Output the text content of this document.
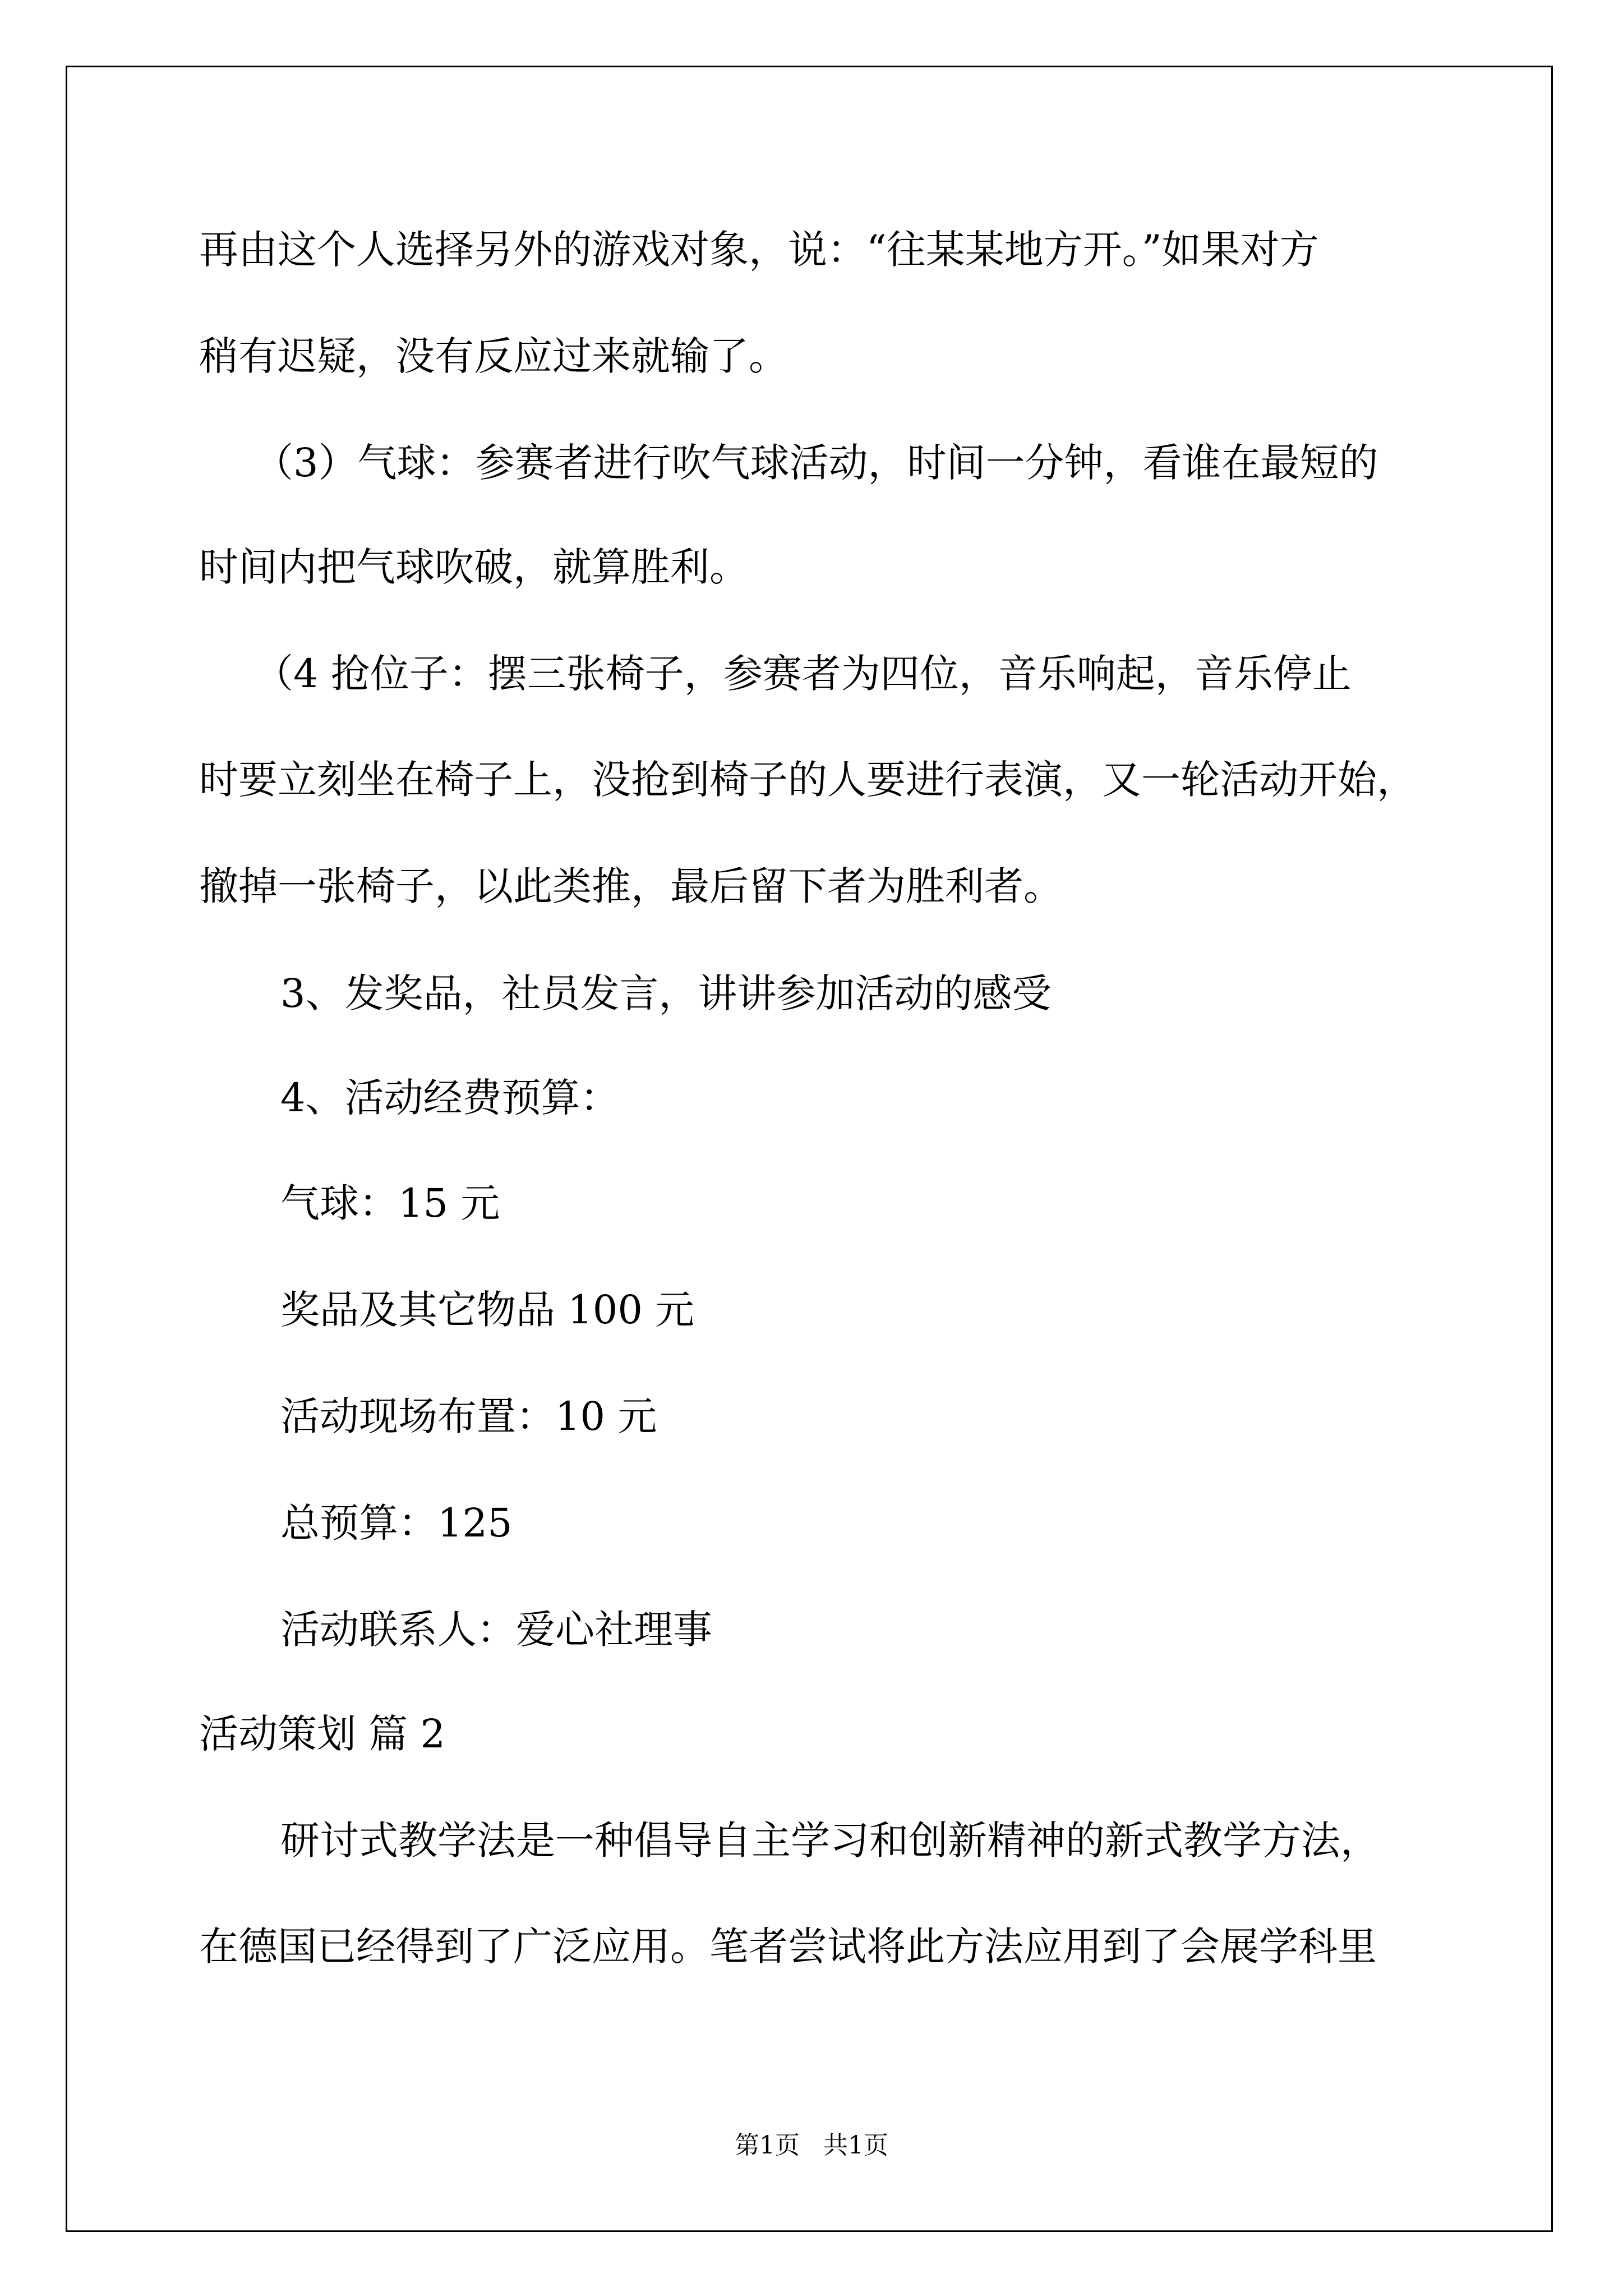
再由这个人选择另外的游戏对象，说：“往某某地方开。”如果对方
稍有迟疑，没有反应过来就输了。
（3）气球：参赛者进行吹气球活动，时间一分钟，看谁在最短的
时间内把气球吹破，就算胜利。
（4 抢位子：摆三张椅子，参赛者为四位，音乐响起，音乐停止
时要立刻坐在椅子上，没抢到椅子的人要进行表演，又一轮活动开始，
撤掉一张椅子，以此类推，最后留下者为胜利者。
3、发奖品，社员发言，讲讲参加活动的感受
4、活动经费预算：
气球：15 元
奖品及其它物品 100 元
活动现场布置：10 元
总预算：125
活动联系人：爱心社理事
活动策划 篇 2
研讨式教学法是一种倡导自主学习和创新精神的新式教学方法，
在德国已经得到了广泛应用。笔者尝试将此方法应用到了会展学科里
第1页   共1页
